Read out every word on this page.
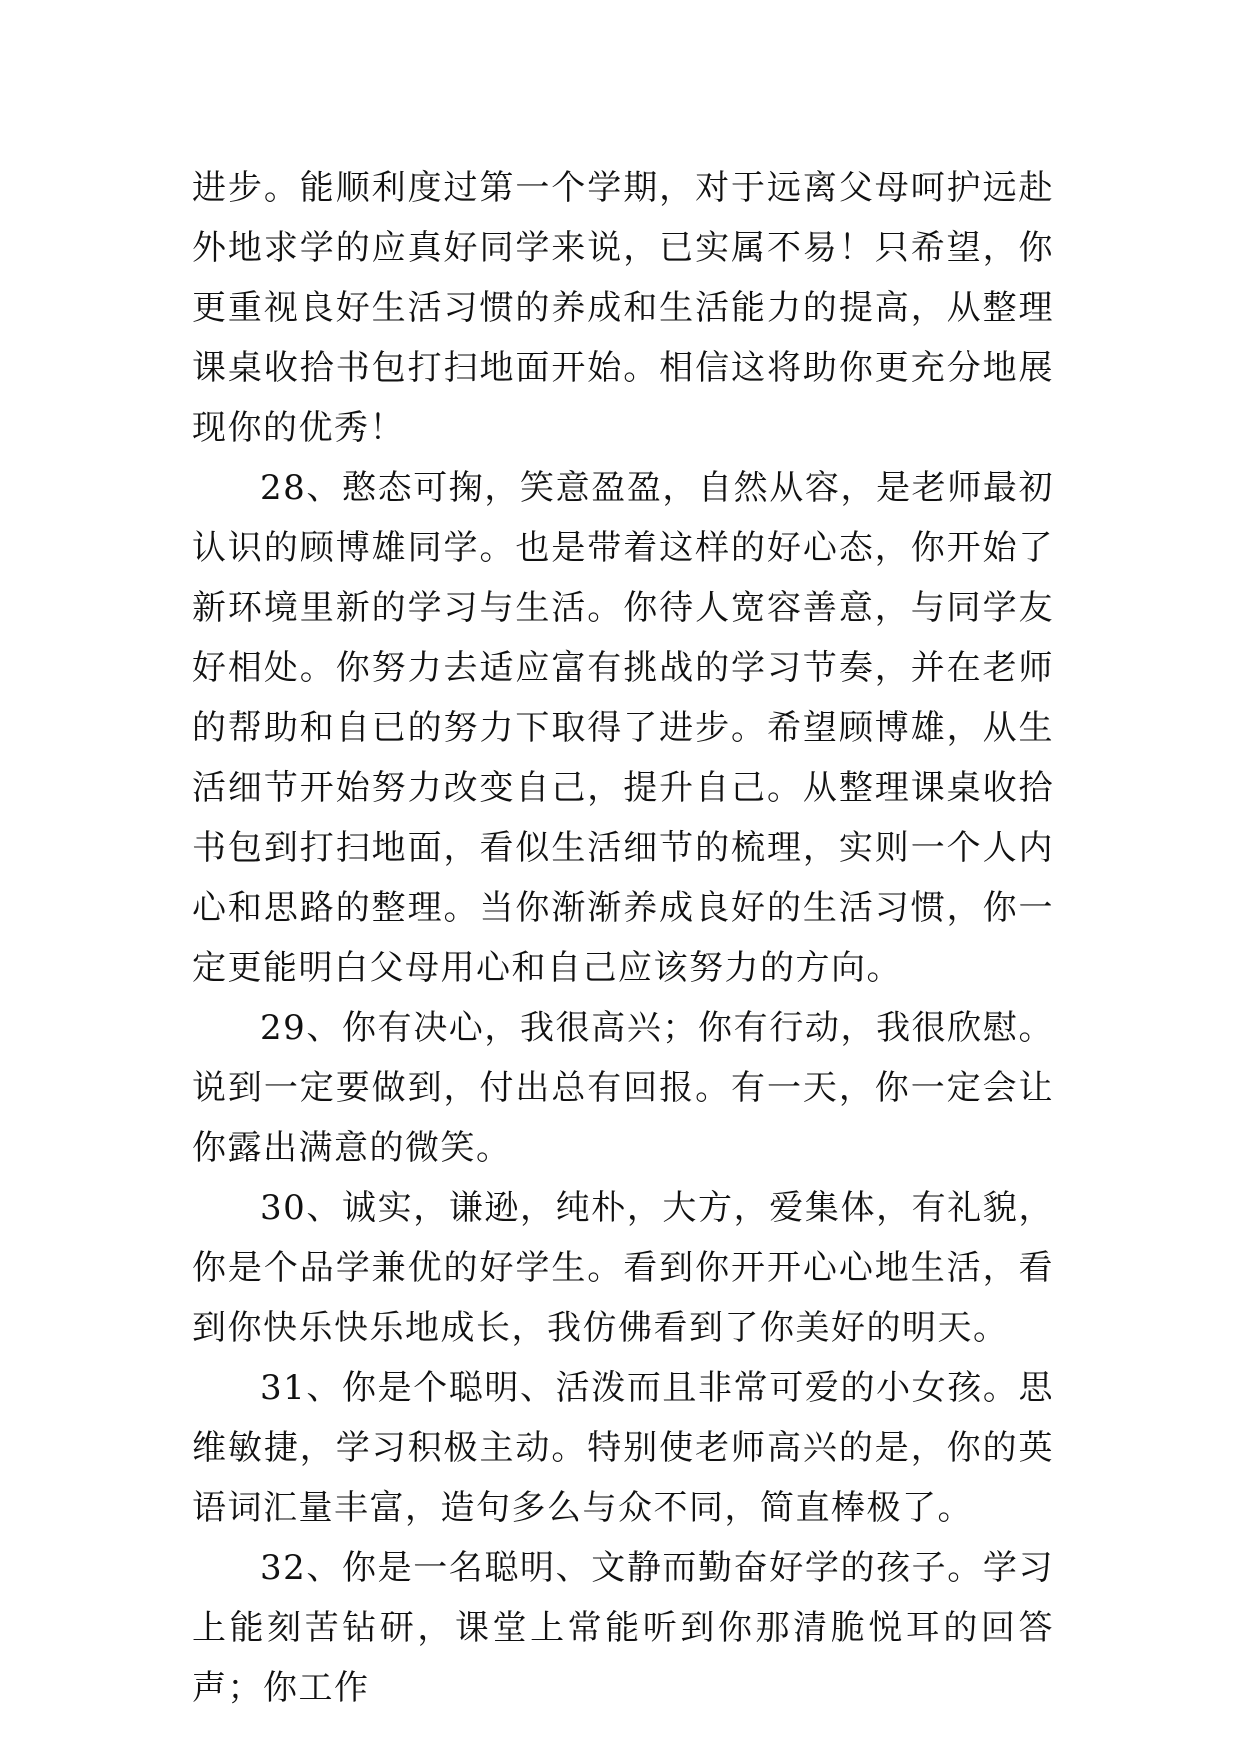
进步。能顺利度过第一个学期，对于远离父母呵护远赴外地求学的应真好同学来说，已实属不易！只希望，你更重视良好生活习惯的养成和生活能力的提高，从整理课桌收拾书包打扫地面开始。相信这将助你更充分地展现你的优秀！

28、憨态可掬，笑意盈盈，自然从容，是老师最初认识的顾博雄同学。也是带着这样的好心态，你开始了新环境里新的学习与生活。你待人宽容善意，与同学友好相处。你努力去适应富有挑战的学习节奏，并在老师的帮助和自已的努力下取得了进步。希望顾博雄，从生活细节开始努力改变自己，提升自己。从整理课桌收拾书包到打扫地面，看似生活细节的梳理，实则一个人内心和思路的整理。当你渐渐养成良好的生活习惯，你一定更能明白父母用心和自己应该努力的方向。

29、你有决心，我很高兴；你有行动，我很欣慰。说到一定要做到，付出总有回报。有一天，你一定会让你露出满意的微笑。

30、诚实，谦逊，纯朴，大方，爱集体，有礼貌，你是个品学兼优的好学生。看到你开开心心地生活，看到你快乐快乐地成长，我仿佛看到了你美好的明天。

31、你是个聪明、活泼而且非常可爱的小女孩。思维敏捷，学习积极主动。特别使老师高兴的是，你的英语词汇量丰富，造句多么与众不同，简直棒极了。

32、你是一名聪明、文静而勤奋好学的孩子。学习上能刻苦钻研，课堂上常能听到你那清脆悦耳的回答声；你工作
